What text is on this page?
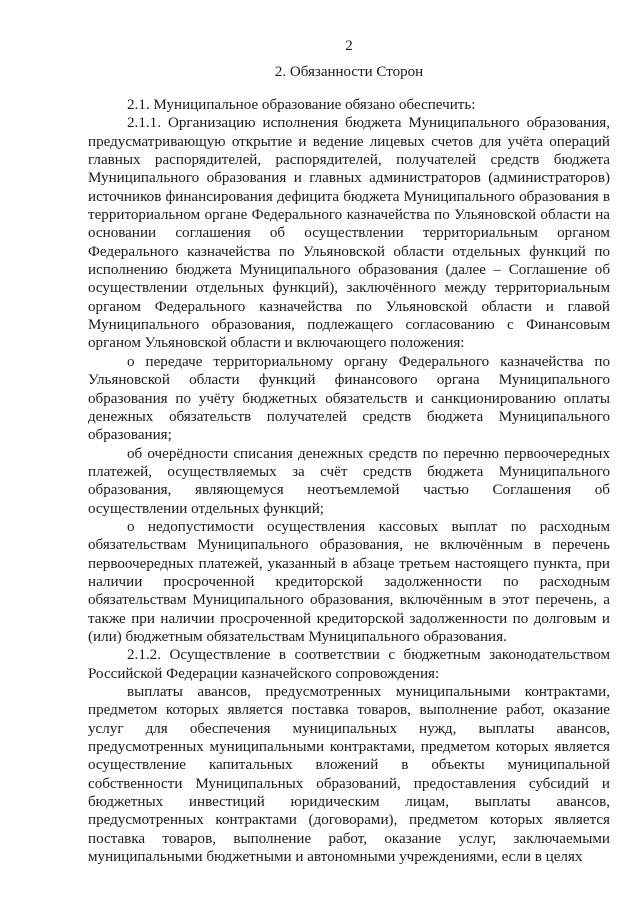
2
2. Обязанности Сторон

2.1. Муниципальное образование обязано обеспечить:

2.1.1. Организацию исполнения бюджета Муниципального образования, предусматривающую открытие и ведение лицевых счетов для учёта операций главных распорядителей, распорядителей, получателей средств бюджета Муниципального образования и главных администраторов (администраторов) источников финансирования дефицита бюджета Муниципального образования в территориальном органе Федерального казначейства по Ульяновской области на основании соглашения об осуществлении территориальным органом Федерального казначейства по Ульяновской области отдельных функций по исполнению бюджета Муниципального образования (далее – Соглашение об осуществлении отдельных функций), заключённого между территориальным органом Федерального казначейства по Ульяновской области и главой Муниципального образования, подлежащего согласованию с Финансовым органом Ульяновской области и включающего положения:

о передаче территориальному органу Федерального казначейства по Ульяновской области функций финансового органа Муниципального образования по учёту бюджетных обязательств и санкционированию оплаты денежных обязательств получателей средств бюджета Муниципального образования;

об очерёдности списания денежных средств по перечню первоочередных платежей, осуществляемых за счёт средств бюджета Муниципального образования, являющемуся неотъемлемой частью Соглашения об осуществлении отдельных функций;

о недопустимости осуществления кассовых выплат по расходным обязательствам Муниципального образования, не включённым в перечень первоочередных платежей, указанный в абзаце третьем настоящего пункта, при наличии просроченной кредиторской задолженности по расходным обязательствам Муниципального образования, включённым в этот перечень, а также при наличии просроченной кредиторской задолженности по долговым и (или) бюджетным обязательствам Муниципального образования.

2.1.2. Осуществление в соответствии с бюджетным законодательством Российской Федерации казначейского сопровождения:

выплаты авансов, предусмотренных муниципальными контрактами, предметом которых является поставка товаров, выполнение работ, оказание услуг для обеспечения муниципальных нужд, выплаты авансов, предусмотренных муниципальными контрактами, предметом которых является осуществление капитальных вложений в объекты муниципальной собственности Муниципальных образований, предоставления субсидий и бюджетных инвестиций юридическим лицам, выплаты авансов, предусмотренных контрактами (договорами), предметом которых является поставка товаров, выполнение работ, оказание услуг, заключаемыми муниципальными бюджетными и автономными учреждениями, если в целях
